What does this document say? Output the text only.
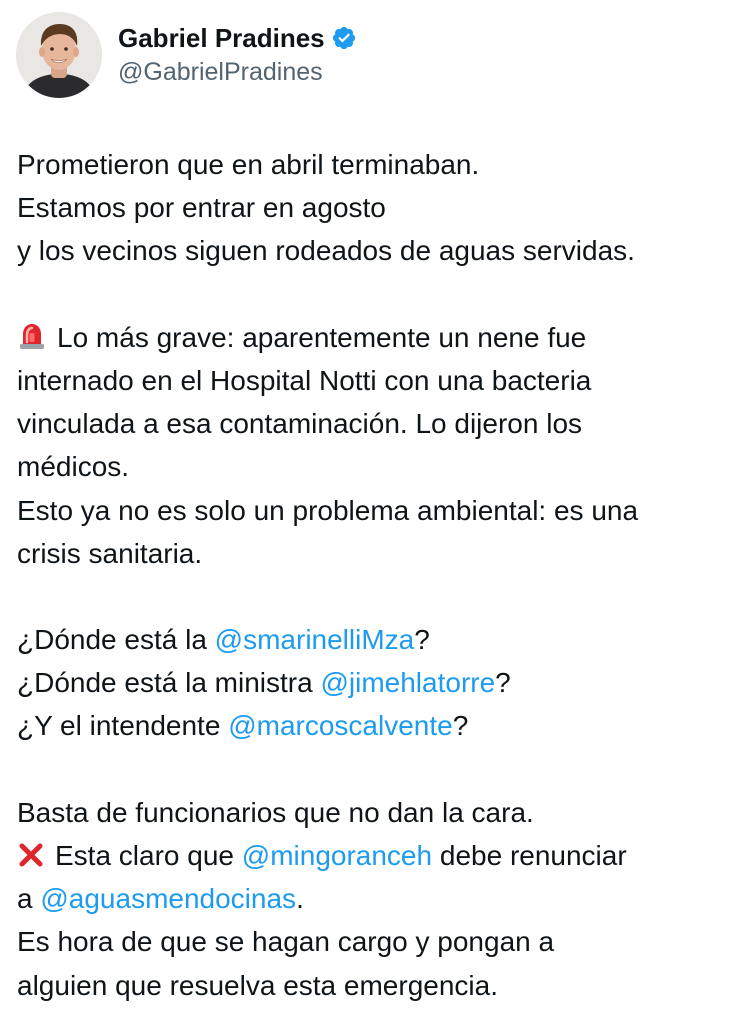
Gabriel Pradines
@GabrielPradines
Prometieron que en abril terminaban.
Estamos por entrar en agosto
y los vecinos siguen rodeados de aguas servidas.
Lo más grave: aparentemente un nene fue
internado en el Hospital Notti con una bacteria
vinculada a esa contaminación. Lo dijeron los
médicos.
Esto ya no es solo un problema ambiental: es una
crisis sanitaria.
¿Dónde está la @smarinelliMza?
¿Dónde está la ministra @jimehlatorre?
¿Y el intendente @marcoscalvente?
Basta de funcionarios que no dan la cara.
Esta claro que @mingoranceh debe renunciar
a @aguasmendocinas.
Es hora de que se hagan cargo y pongan a
alguien que resuelva esta emergencia.
